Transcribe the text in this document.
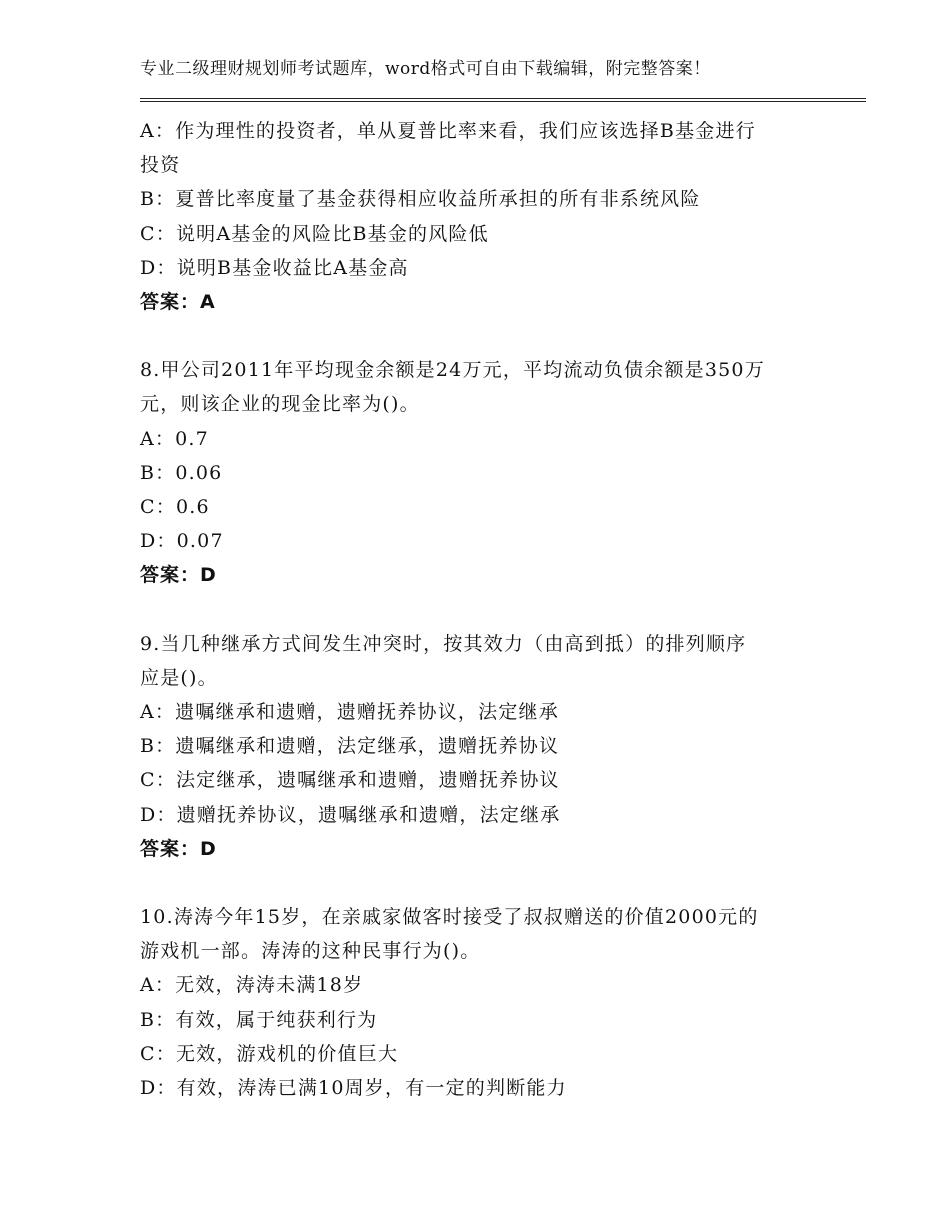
专业二级理财规划师考试题库，word格式可自由下载编辑，附完整答案！
A：作为理性的投资者，单从夏普比率来看，我们应该选择B基金进行
投资
B：夏普比率度量了基金获得相应收益所承担的所有非系统风险
C：说明A基金的风险比B基金的风险低
D：说明B基金收益比A基金高
答案：A
8.甲公司2011年平均现金余额是24万元，平均流动负债余额是350万
元，则该企业的现金比率为()。
A：0.7
B：0.06
C：0.6
D：0.07
答案：D
9.当几种继承方式间发生冲突时，按其效力（由高到抵）的排列顺序
应是()。
A：遗嘱继承和遗赠，遗赠抚养协议，法定继承
B：遗嘱继承和遗赠，法定继承，遗赠抚养协议
C：法定继承，遗嘱继承和遗赠，遗赠抚养协议
D：遗赠抚养协议，遗嘱继承和遗赠，法定继承
答案：D
10.涛涛今年15岁，在亲戚家做客时接受了叔叔赠送的价值2000元的
游戏机一部。涛涛的这种民事行为()。
A：无效，涛涛未满18岁
B：有效，属于纯获利行为
C：无效，游戏机的价值巨大
D：有效，涛涛已满10周岁，有一定的判断能力
